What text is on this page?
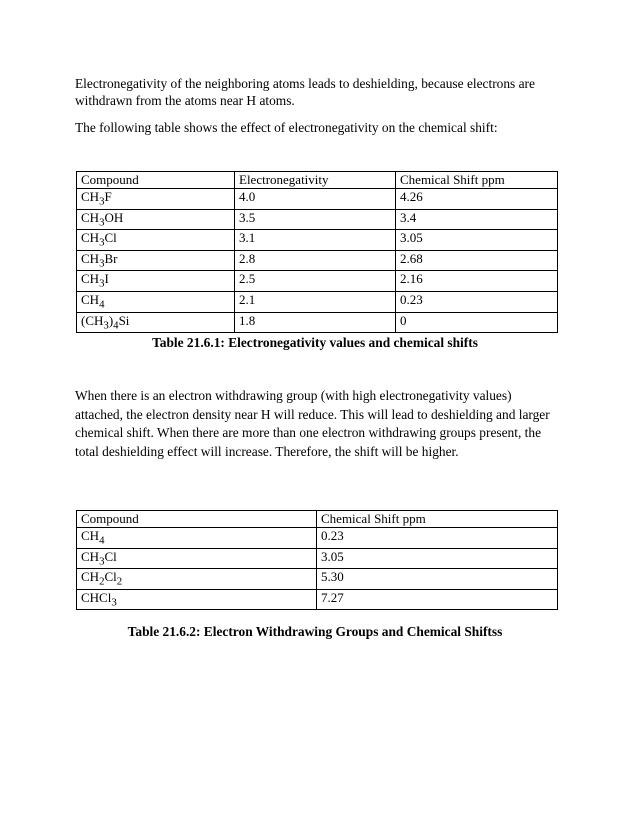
Electronegativity of the neighboring atoms leads to deshielding, because electrons are withdrawn from the atoms near H atoms.

The following table shows the effect of electronegativity on the chemical shift:

Compound	Electronegativity	Chemical Shift ppm
$CH_3F$	4.0	4.26
$CH_3OH$	3.5	3.4
$CH_3Cl$	3.1	3.05
$CH_3Br$	2.8	2.68
$CH_3I$	2.5	2.16
$CH_4$	2.1	0.23
$(CH_3)_4Si$	1.8	0

Table 21.6.1: Electronegativity values and chemical shifts

When there is an electron withdrawing group (with high electronegativity values) attached, the electron density near H will reduce. This will lead to deshielding and larger chemical shift. When there are more than one electron withdrawing groups present, the total deshielding effect will increase. Therefore, the shift will be higher.

Compound	Chemical Shift ppm
$CH_4$	0.23
$CH_3Cl$	3.05
$CH_2Cl_2$	5.30
CHCl$_3$	7.27

Table 21.6.2: Electron Withdrawing Groups and Chemical Shiftss
